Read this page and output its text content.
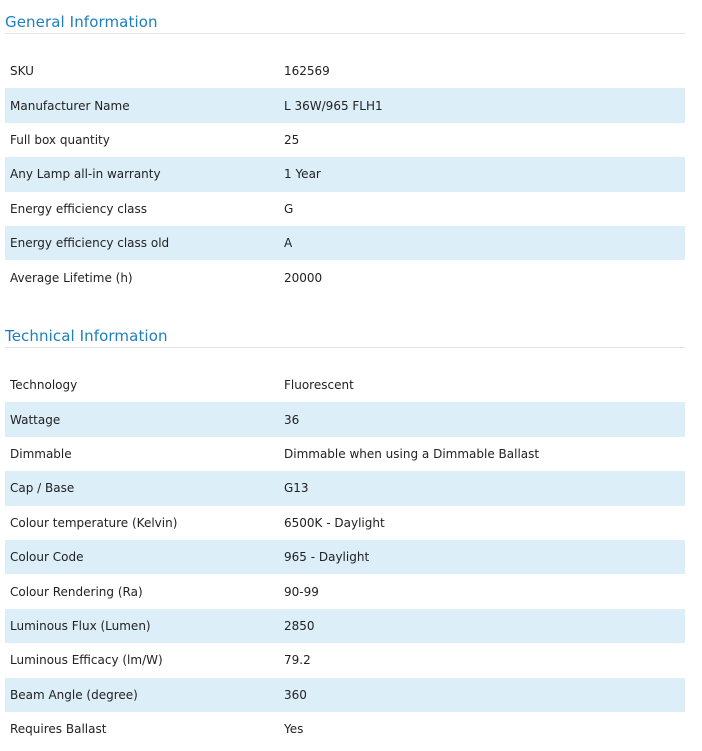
General Information
SKU	162569
Manufacturer Name	L 36W/965 FLH1
Full box quantity	25
Any Lamp all-in warranty	1 Year
Energy efficiency class	G
Energy efficiency class old	A
Average Lifetime (h)	20000
Technical Information
Technology	Fluorescent
Wattage	36
Dimmable	Dimmable when using a Dimmable Ballast
Cap / Base	G13
Colour temperature (Kelvin)	6500K - Daylight
Colour Code	965 - Daylight
Colour Rendering (Ra)	90-99
Luminous Flux (Lumen)	2850
Luminous Efficacy (lm/W)	79.2
Beam Angle (degree)	360
Requires Ballast	Yes
